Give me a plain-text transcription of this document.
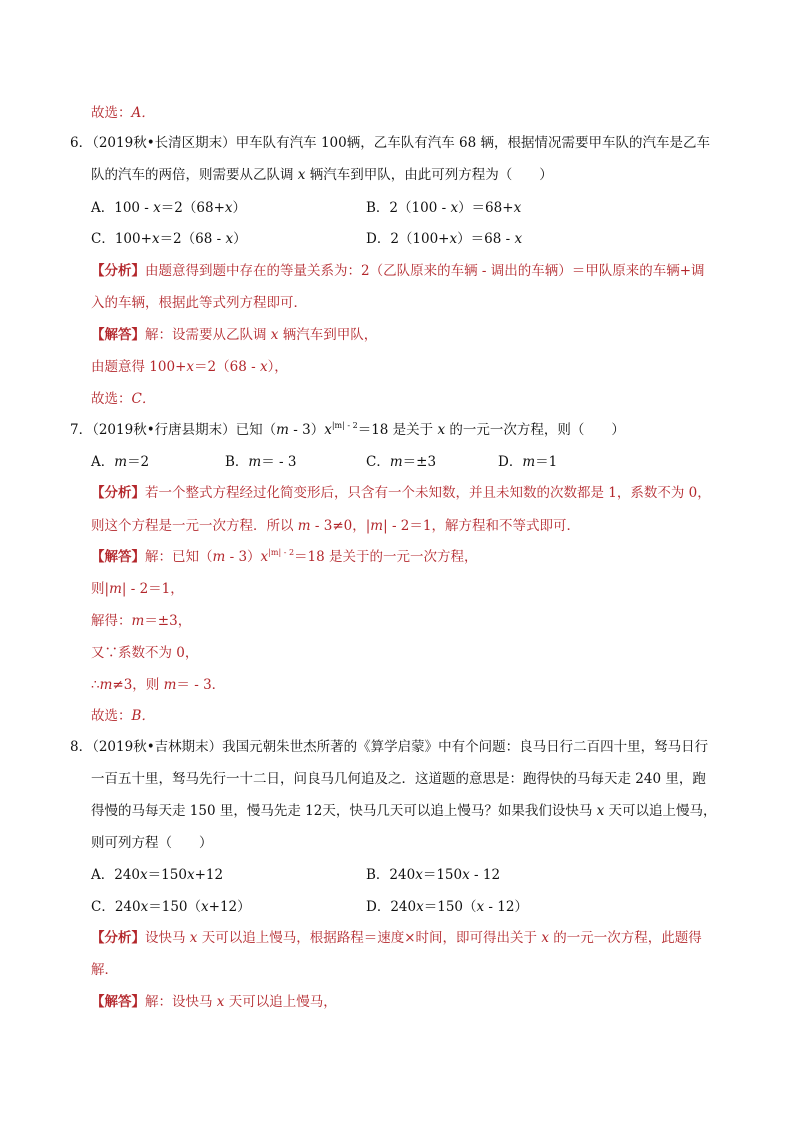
故选：A．
6．（2019秋•长清区期末）甲车队有汽车 100辆，乙车队有汽车 68 辆，根据情况需要甲车队的汽车是乙车
队的汽车的两倍，则需要从乙队调 x 辆汽车到甲队，由此可列方程为（　　）
A．100 - x＝2（68+x）	B．2（100 - x）＝68+x
C．100+x＝2（68 - x）	D．2（100+x）＝68 - x
【分析】由题意得到题中存在的等量关系为：2（乙队原来的车辆 - 调出的车辆）＝甲队原来的车辆+调
入的车辆，根据此等式列方程即可．
【解答】解：设需要从乙队调 x 辆汽车到甲队，
由题意得 100+x＝2（68 - x），
故选：C．
7．（2019秋•行唐县期末）已知$(m - 3)x^{|m| - 2}=18$ 是关于 x 的一元一次方程，则（　　）
A．m＝2	B．m＝ - 3	C．m＝±3	D．m＝1
【分析】若一个整式方程经过化简变形后，只含有一个未知数，并且未知数的次数都是 1，系数不为 0，
则这个方程是一元一次方程．所以 m - 3≠0，|m| - 2＝1，解方程和不等式即可．
【解答】解：已知$(m - 3)x^{|m| - 2}=18$ 是关于的一元一次方程，
则|m| - 2＝1，
解得：m＝±3，
又∵系数不为 0，
∴m≠3，则 m＝ - 3．
故选：B．
8．（2019秋•吉林期末）我国元朝朱世杰所著的《算学启蒙》中有个问题：良马日行二百四十里，驽马日行
一百五十里，驽马先行一十二日，问良马几何追及之．这道题的意思是：跑得快的马每天走 240 里，跑
得慢的马每天走 150 里，慢马先走 12天，快马几天可以追上慢马？如果我们设快马 x 天可以追上慢马，
则可列方程（　　）
A．240x＝150x+12	B．240x＝150x - 12
C．240x＝150（x+12）	D．240x＝150（x - 12）
【分析】设快马 x 天可以追上慢马，根据路程＝速度×时间，即可得出关于 x 的一元一次方程，此题得
解．
【解答】解：设快马 x 天可以追上慢马，
